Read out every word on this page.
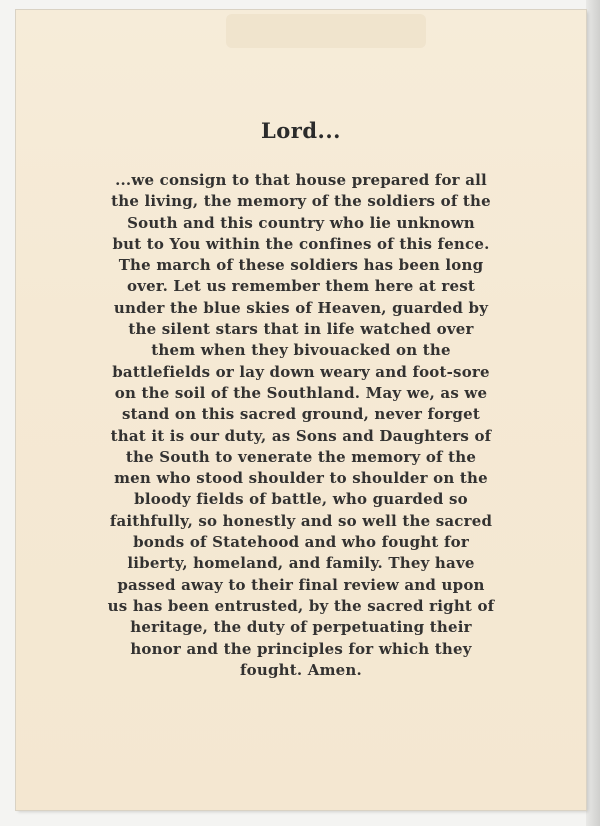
Lord...

...we consign to that house prepared for all
the living, the memory of the soldiers of the
South and this country who lie unknown
but to You within the confines of this fence.
The march of these soldiers has been long
over. Let us remember them here at rest
under the blue skies of Heaven, guarded by
the silent stars that in life watched over
them when they bivouacked on the
battlefields or lay down weary and foot-sore
on the soil of the Southland. May we, as we
stand on this sacred ground, never forget
that it is our duty, as Sons and Daughters of
the South to venerate the memory of the
men who stood shoulder to shoulder on the
bloody fields of battle, who guarded so
faithfully, so honestly and so well the sacred
bonds of Statehood and who fought for
liberty, homeland, and family. They have
passed away to their final review and upon
us has been entrusted, by the sacred right of
heritage, the duty of perpetuating their
honor and the principles for which they
fought. Amen.
